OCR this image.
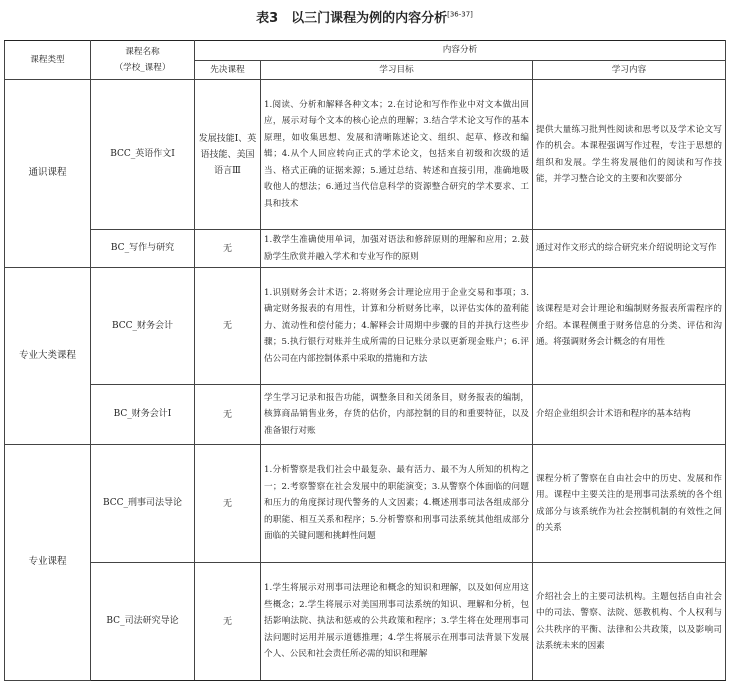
表3　以三门课程为例的内容分析[36-37]
课程类型	课程名称
（学校_课程）	内容分析		
		先决课程	学习目标	学习内容
通识课程	BCC_英语作文Ⅰ	发展技能Ⅰ、英语技能、美国语言Ⅲ	1.阅读、分析和解释各种文本；2.在讨论和写作作业中对文本做出回应，展示对每个文本的核心论点的理解；3.结合学术论文写作的基本原理，如收集思想、发展和清晰陈述论文、组织、起草、修改和编辑；4.从个人回应转向正式的学术论文，包括来自初级和次级的适当、格式正确的证据来源；5.通过总结、转述和直接引用，准确地吸收他人的想法；6.通过当代信息科学的资源整合研究的学术要求、工具和技术	提供大量练习批判性阅读和思考以及学术论文写作的机会。本课程强调写作过程，专注于思想的组织和发展。学生将发展他们的阅读和写作技能，并学习整合论文的主要和次要部分
	BC_写作与研究	无	1.教学生准确使用单词，加强对语法和修辞原则的理解和应用；2.鼓励学生欣赏并融入学术和专业写作的原则	通过对作文形式的综合研究来介绍说明论文写作
专业大类课程	BCC_财务会计	无	1.识别财务会计术语；2.将财务会计理论应用于企业交易和事项；3.确定财务报表的有用性，计算和分析财务比率，以评估实体的盈利能力、流动性和偿付能力；4.解释会计周期中步骤的目的并执行这些步骤；5.执行银行对账并生成所需的日记账分录以更新现金账户；6.评估公司在内部控制体系中采取的措施和方法	该课程是对会计理论和编制财务报表所需程序的介绍。本课程侧重于财务信息的分类、评估和沟通。将强调财务会计概念的有用性
	BC_财务会计Ⅰ	无	学生学习记录和报告功能，调整条目和关闭条目，财务报表的编制，核算商品销售业务，存货的估价，内部控制的目的和重要特征，以及准备银行对账	介绍企业组织会计术语和程序的基本结构
专业课程	BCC_刑事司法导论	无	1.分析警察是我们社会中最复杂、最有活力、最不为人所知的机构之一；2.考察警察在社会发展中的职能演变；3.从警察个体面临的问题和压力的角度探讨现代警务的人文因素；4.概述刑事司法各组成部分的职能、相互关系和程序；5.分析警察和刑事司法系统其他组成部分面临的关键问题和挑衅性问题	课程分析了警察在自由社会中的历史、发展和作用。课程中主要关注的是刑事司法系统的各个组成部分与该系统作为社会控制机制的有效性之间的关系
	BC_司法研究导论	无	1.学生将展示对刑事司法理论和概念的知识和理解，以及如何应用这些概念；2.学生将展示对美国刑事司法系统的知识、理解和分析，包括影响法院、执法和惩戒的公共政策和程序；3.学生将在处理刑事司法问题时运用并展示道德推理；4.学生将展示在刑事司法背景下发展个人、公民和社会责任所必需的知识和理解	介绍社会上的主要司法机构。主题包括自由社会中的司法、警察、法院、惩教机构、个人权利与公共秩序的平衡、法律和公共政策，以及影响司法系统未来的因素
